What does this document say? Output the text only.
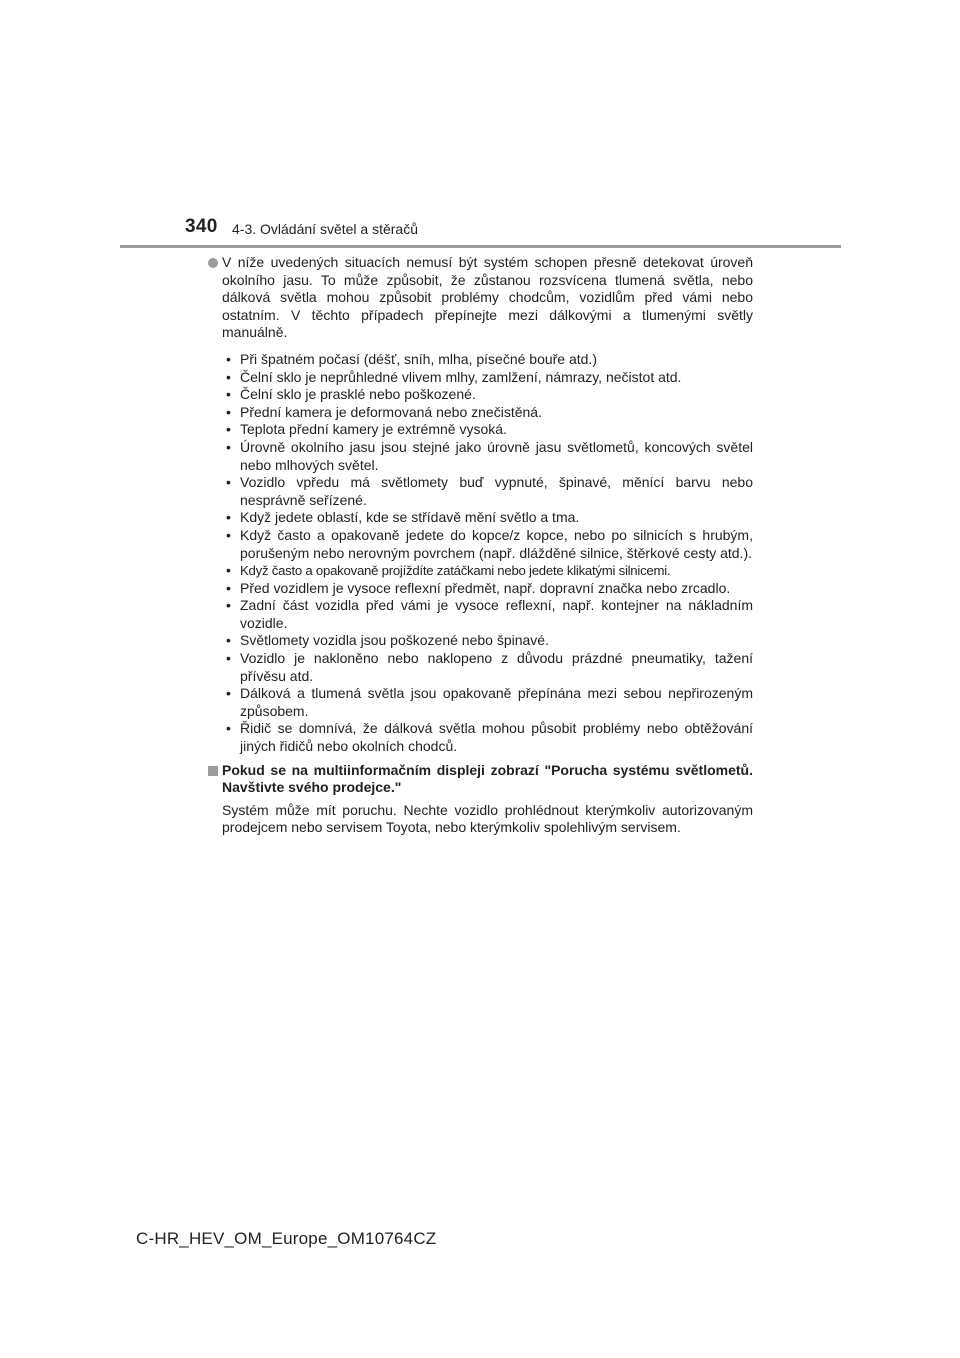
340 4-3. Ovládání světel a stěračů
V níže uvedených situacích nemusí být systém schopen přesně detekovat úroveň okolního jasu. To může způsobit, že zůstanou rozsvícena tlumená světla, nebo dálková světla mohou způsobit problémy chodcům, vozidlům před vámi nebo ostatním. V těchto případech přepínejte mezi dálkovými a tlumenými světly manuálně.
• Při špatném počasí (déšť, sníh, mlha, písečné bouře atd.)
• Čelní sklo je neprůhledné vlivem mlhy, zamlžení, námrazy, nečistot atd.
• Čelní sklo je prasklé nebo poškozené.
• Přední kamera je deformovaná nebo znečistěná.
• Teplota přední kamery je extrémně vysoká.
• Úrovně okolního jasu jsou stejné jako úrovně jasu světlometů, koncových světel nebo mlhových světel.
• Vozidlo vpředu má světlomety buď vypnuté, špinavé, měnící barvu nebo nesprávně seřízené.
• Když jedete oblastí, kde se střídavě mění světlo a tma.
• Když často a opakovaně jedete do kopce/z kopce, nebo po silnicích s hrubým, porušeným nebo nerovným povrchem (např. dlážděné silnice, štěrkové cesty atd.).
• Když často a opakovaně projíždíte zatáčkami nebo jedete klikatými silnicemi.
• Před vozidlem je vysoce reflexní předmět, např. dopravní značka nebo zrcadlo.
• Zadní část vozidla před vámi je vysoce reflexní, např. kontejner na nákladním vozidle.
• Světlomety vozidla jsou poškozené nebo špinavé.
• Vozidlo je nakloněno nebo naklopeno z důvodu prázdné pneumatiky, tažení přívěsu atd.
• Dálková a tlumená světla jsou opakovaně přepínána mezi sebou nepřirozeným způsobem.
• Řidič se domnívá, že dálková světla mohou působit problémy nebo obtěžování jiných řidičů nebo okolních chodců.
Pokud se na multiinformačním displeji zobrazí "Porucha systému světlometů. Navštivte svého prodejce."
Systém může mít poruchu. Nechte vozidlo prohlédnout kterýmkoliv autorizovaným prodejcem nebo servisem Toyota, nebo kterýmkoliv spolehlivým servisem.
C-HR_HEV_OM_Europe_OM10764CZ
